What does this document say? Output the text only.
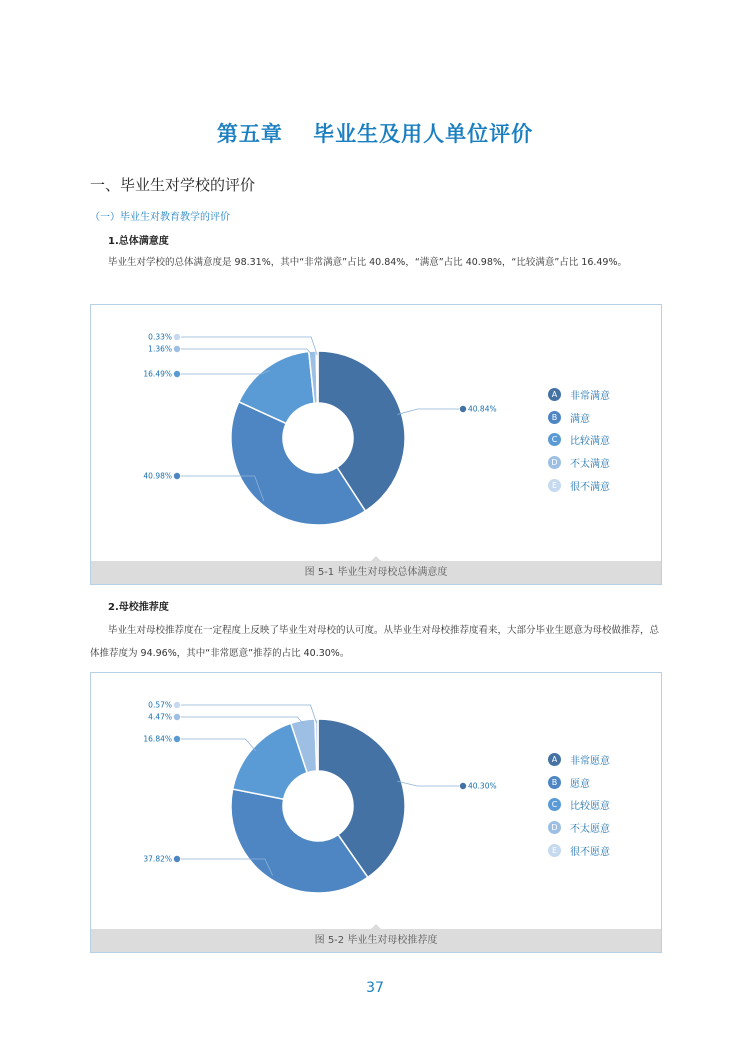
第五章　 毕业生及用人单位评价
一、毕业生对学校的评价
（一）毕业生对教育教学的评价
1.总体满意度
毕业生对学校的总体满意度是 98.31%，其中“非常满意”占比 40.84%，“满意”占比 40.98%，“比较满意”占比 16.49%。
40.84%
40.98%
16.49%
1.36%
0.33%
A	非常满意
B	满意
C	比较满意
D	不太满意
E	很不满意
图 5-1 毕业生对母校总体满意度
2.母校推荐度
毕业生对母校推荐度在一定程度上反映了毕业生对母校的认可度。从毕业生对母校推荐度看来，大部分毕业生愿意为母校做推荐，总体推荐度为 94.96%，其中“非常愿意”推荐的占比 40.30%。
40.30%
37.82%
16.84%
4.47%
0.57%
A	非常愿意
B	愿意
C	比较愿意
D	不太愿意
E	很不愿意
图 5-2 毕业生对母校推荐度
37
